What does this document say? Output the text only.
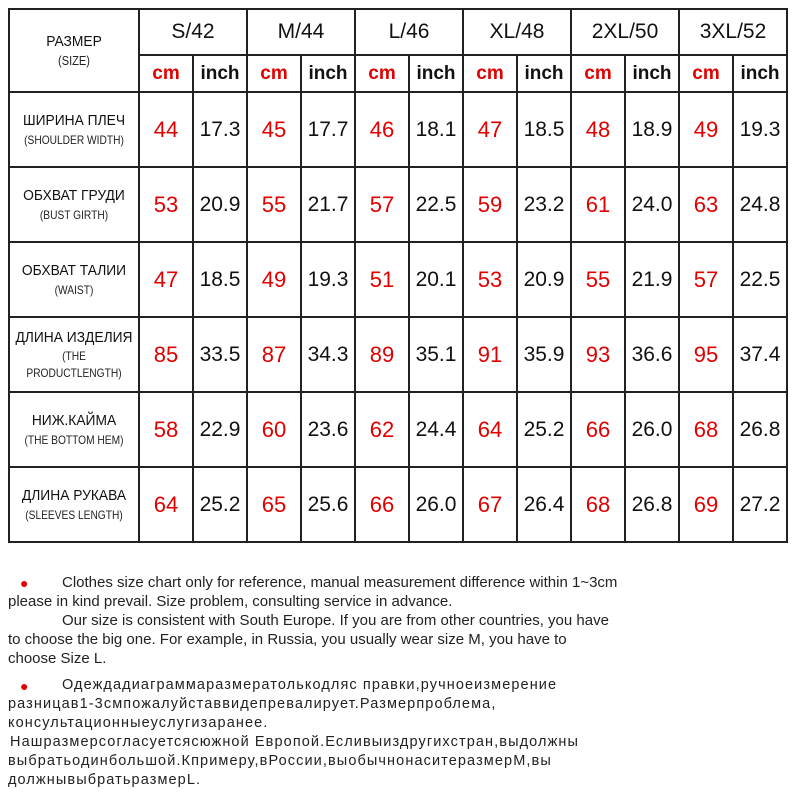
РАЗМЕР
(SIZE)	S/42		M/44		L/46		XL/48		2XL/50		3XL/52	
	cm	inch	cm	inch	cm	inch	cm	inch	cm	inch	cm	inch

ШИРИНА ПЛЕЧ
(SHOULDER WIDTH)	44	17.3	45	17.7	46	18.1	47	18.5	48	18.9	49	19.3

ОБХВАТ ГРУДИ
(BUST GIRTH)	53	20.9	55	21.7	57	22.5	59	23.2	61	24.0	63	24.8

ОБХВАТ ТАЛИИ
(WAIST)	47	18.5	49	19.3	51	20.1	53	20.9	55	21.9	57	22.5

ДЛИНА ИЗДЕЛИЯ
(THE PRODUCTLENGTH)	85	33.5	87	34.3	89	35.1	91	35.9	93	36.6	95	37.4

НИЖ.КАЙМА
(THE BOTTOM HEM)	58	22.9	60	23.6	62	24.4	64	25.2	66	26.0	68	26.8

ДЛИНА РУКАВА
(SLEEVES LENGTH)	64	25.2	65	25.6	66	26.0	67	26.4	68	26.8	69	27.2
● Clothes size chart only for reference, manual measurement difference within 1~3cm
please in kind prevail. Size problem, consulting service in advance.
Our size is consistent with South Europe. If you are from other countries, you have
to choose the big one. For example, in Russia, you usually wear size M, you have to
choose Size L.
● Одеждадиаграммаразмератолькодляс правки,ручноеизмерение
разницав1-3смпожалуйставвидепревалирует.Размерпроблема,
консультационныеуслугизаранее.
Нашразмерсогласуетсясюжной Европой.Есливыиздругихстран,выдолжны
выбратьодинбольшой.Кпримеру,вРоссии,выобычнонаситеразмерM,вы
должнывыбратьразмерL.
